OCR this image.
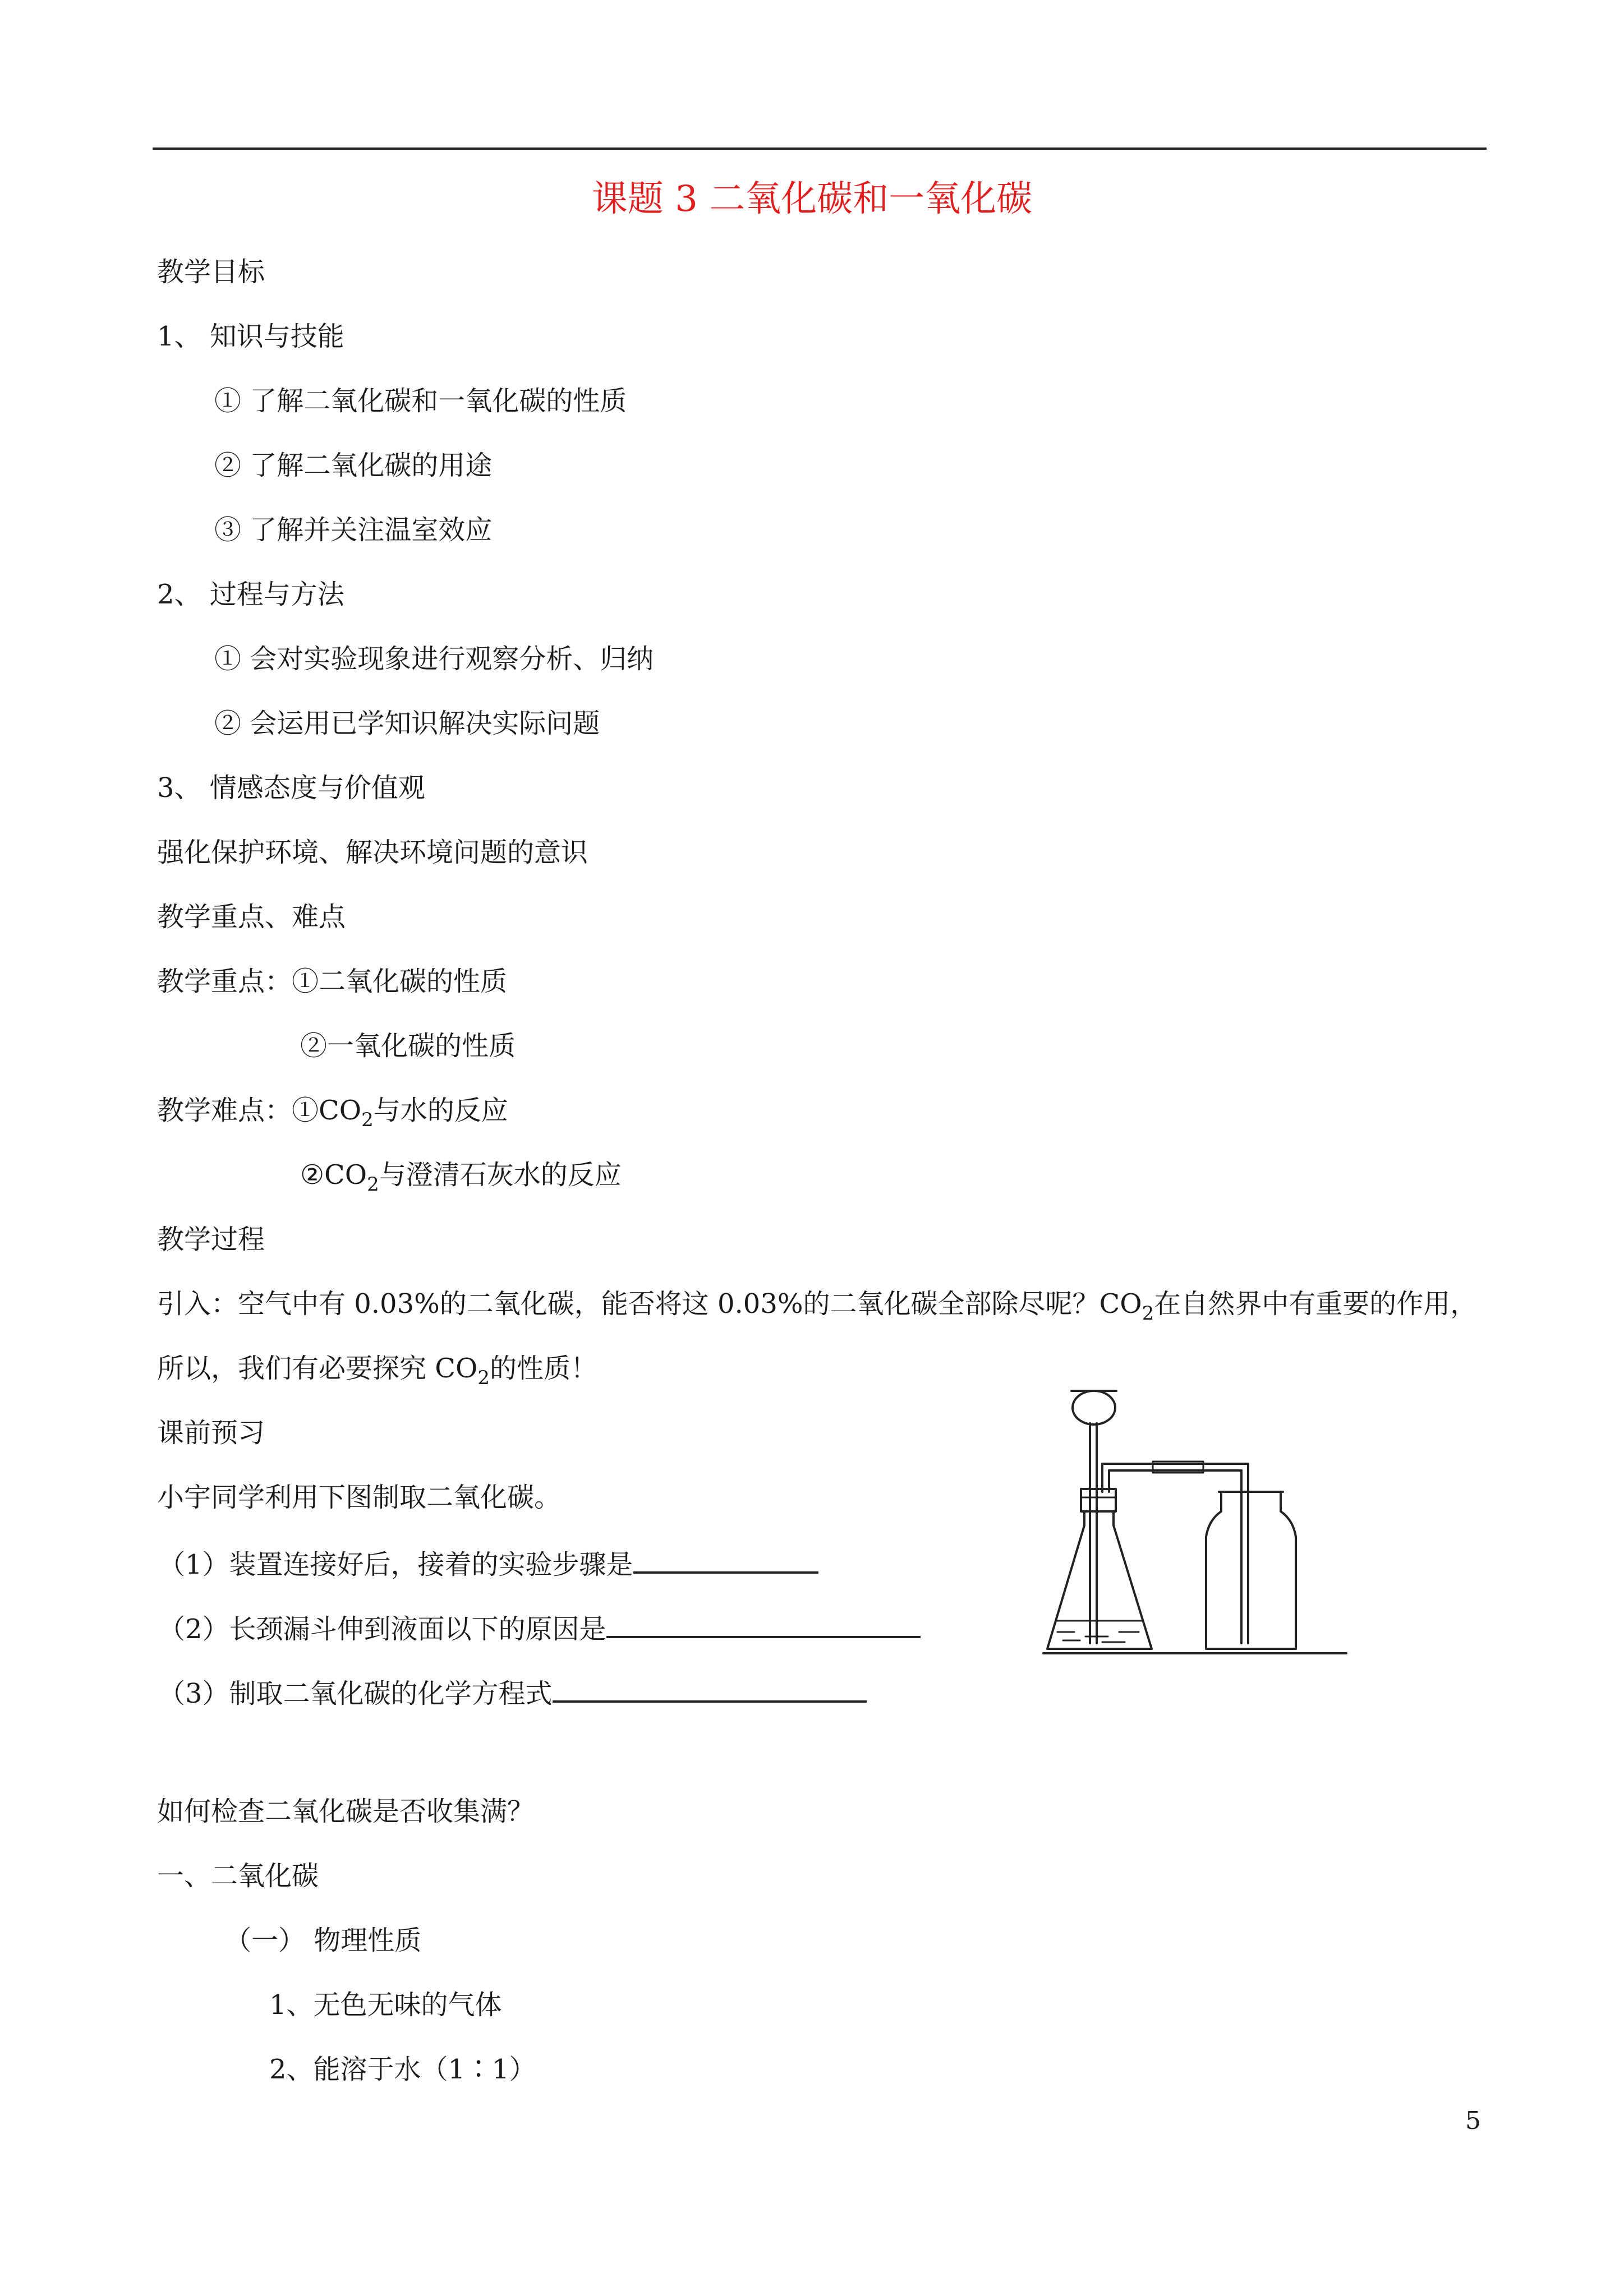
课题 3 二氧化碳和一氧化碳
教学目标
1、 知识与技能
① 了解二氧化碳和一氧化碳的性质
② 了解二氧化碳的用途
③ 了解并关注温室效应
2、 过程与方法
① 会对实验现象进行观察分析、归纳
② 会运用已学知识解决实际问题
3、 情感态度与价值观
强化保护环境、解决环境问题的意识
教学重点、难点
教学重点：①二氧化碳的性质
②一氧化碳的性质
教学难点：$①CO_2$与水的反应
$②CO_2$与澄清石灰水的反应
教学过程
引入：空气中有 0.03%的二氧化碳，能否将这 0.03%的二氧化碳全部除尽呢？$CO_2$在自然界中有重要的作用，
所以，我们有必要探究 $CO_2$的性质！
课前预习
小宇同学利用下图制取二氧化碳。
（1）装置连接好后，接着的实验步骤是
（2）长颈漏斗伸到液面以下的原因是
（3）制取二氧化碳的化学方程式
如何检查二氧化碳是否收集满？
一、二氧化碳
（一） 物理性质
1、无色无味的气体
2、能溶于水（1∶1）
5
